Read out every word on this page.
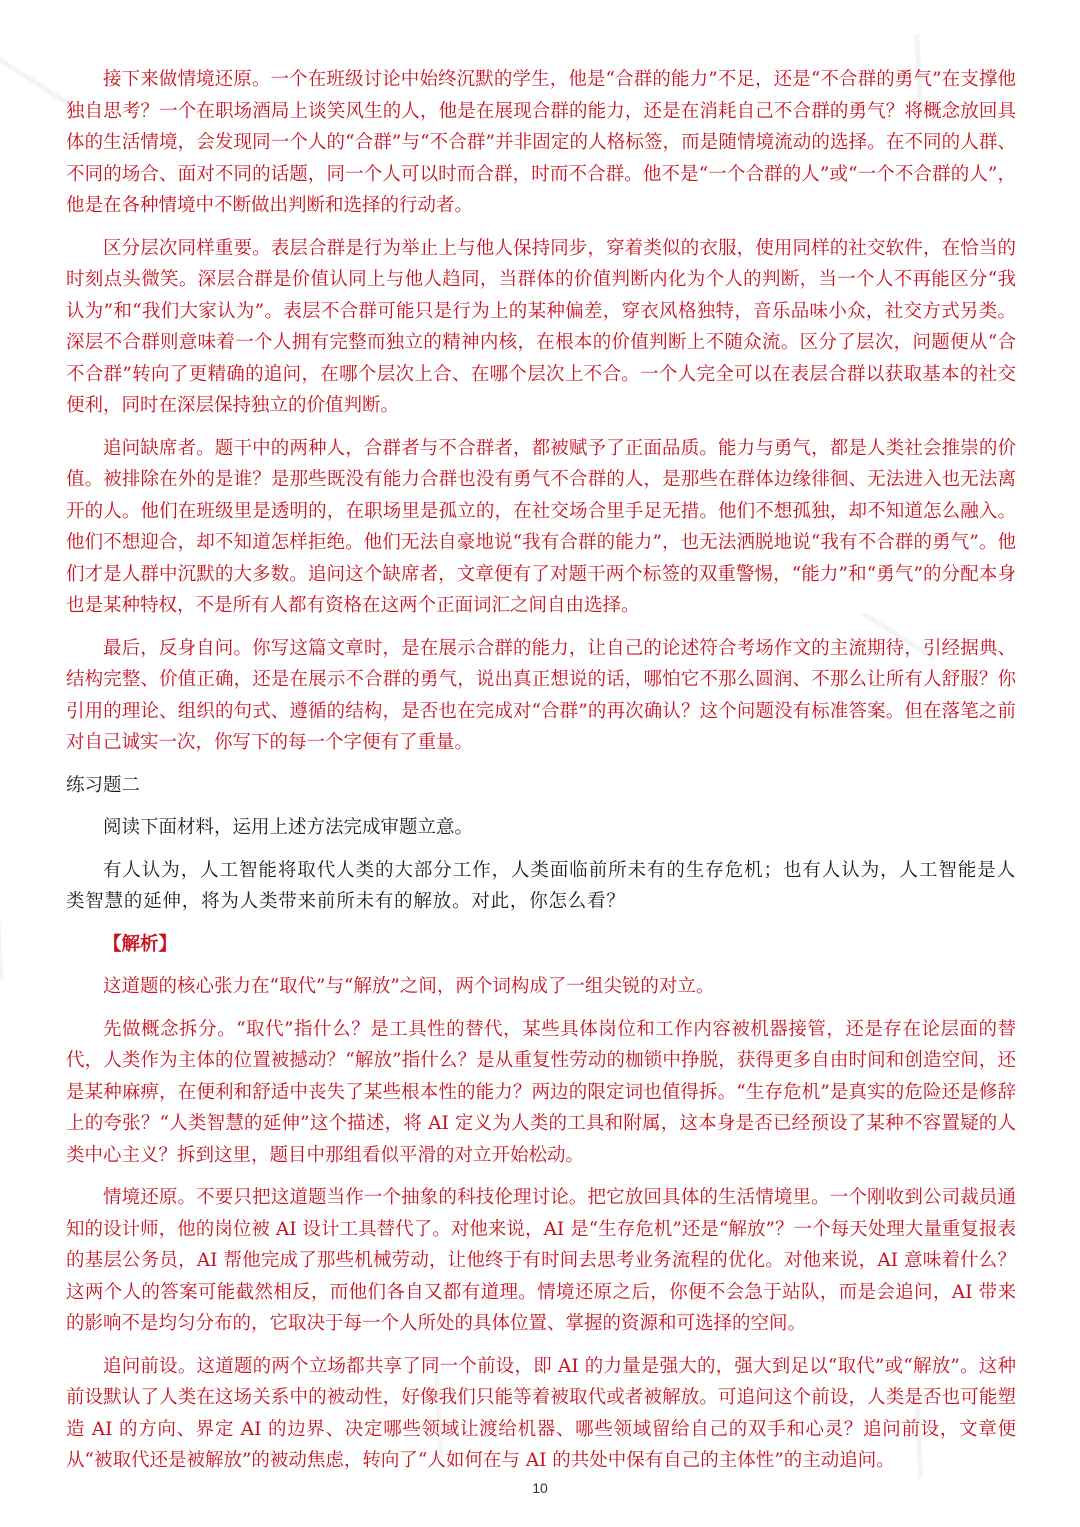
接下来做情境还原。一个在班级讨论中始终沉默的学生，他是“合群的能力”不足，还是“不合群的勇气”在支撑他独自思考？一个在职场酒局上谈笑风生的人，他是在展现合群的能力，还是在消耗自己不合群的勇气？将概念放回具体的生活情境，会发现同一个人的“合群”与“不合群”并非固定的人格标签，而是随情境流动的选择。在不同的人群、不同的场合、面对不同的话题，同一个人可以时而合群，时而不合群。他不是“一个合群的人”或“一个不合群的人”，他是在各种情境中不断做出判断和选择的行动者。

区分层次同样重要。表层合群是行为举止上与他人保持同步，穿着类似的衣服，使用同样的社交软件，在恰当的时刻点头微笑。深层合群是价值认同上与他人趋同，当群体的价值判断内化为个人的判断，当一个人不再能区分“我认为”和“我们大家认为”。表层不合群可能只是行为上的某种偏差，穿衣风格独特，音乐品味小众，社交方式另类。深层不合群则意味着一个人拥有完整而独立的精神内核，在根本的价值判断上不随众流。区分了层次，问题便从“合不合群”转向了更精确的追问，在哪个层次上合、在哪个层次上不合。一个人完全可以在表层合群以获取基本的社交便利，同时在深层保持独立的价值判断。

追问缺席者。题干中的两种人，合群者与不合群者，都被赋予了正面品质。能力与勇气，都是人类社会推崇的价值。被排除在外的是谁？是那些既没有能力合群也没有勇气不合群的人，是那些在群体边缘徘徊、无法进入也无法离开的人。他们在班级里是透明的，在职场里是孤立的，在社交场合里手足无措。他们不想孤独，却不知道怎么融入。他们不想迎合，却不知道怎样拒绝。他们无法自豪地说“我有合群的能力”，也无法洒脱地说“我有不合群的勇气”。他们才是人群中沉默的大多数。追问这个缺席者，文章便有了对题干两个标签的双重警惕，“能力”和“勇气”的分配本身也是某种特权，不是所有人都有资格在这两个正面词汇之间自由选择。

最后，反身自问。你写这篇文章时，是在展示合群的能力，让自己的论述符合考场作文的主流期待，引经据典、结构完整、价值正确，还是在展示不合群的勇气，说出真正想说的话，哪怕它不那么圆润、不那么让所有人舒服？你引用的理论、组织的句式、遵循的结构，是否也在完成对“合群”的再次确认？这个问题没有标准答案。但在落笔之前对自己诚实一次，你写下的每一个字便有了重量。

练习题二

阅读下面材料，运用上述方法完成审题立意。

有人认为，人工智能将取代人类的大部分工作，人类面临前所未有的生存危机；也有人认为，人工智能是人类智慧的延伸，将为人类带来前所未有的解放。对此，你怎么看？

【解析】

这道题的核心张力在“取代”与“解放”之间，两个词构成了一组尖锐的对立。

先做概念拆分。“取代”指什么？是工具性的替代，某些具体岗位和工作内容被机器接管，还是存在论层面的替代，人类作为主体的位置被撼动？“解放”指什么？是从重复性劳动的枷锁中挣脱，获得更多自由时间和创造空间，还是某种麻痹，在便利和舒适中丧失了某些根本性的能力？两边的限定词也值得拆。“生存危机”是真实的危险还是修辞上的夸张？“人类智慧的延伸”这个描述，将 AI 定义为人类的工具和附属，这本身是否已经预设了某种不容置疑的人类中心主义？拆到这里，题目中那组看似平滑的对立开始松动。

情境还原。不要只把这道题当作一个抽象的科技伦理讨论。把它放回具体的生活情境里。一个刚收到公司裁员通知的设计师，他的岗位被 AI 设计工具替代了。对他来说，AI 是“生存危机”还是“解放”？一个每天处理大量重复报表的基层公务员，AI 帮他完成了那些机械劳动，让他终于有时间去思考业务流程的优化。对他来说，AI 意味着什么？这两个人的答案可能截然相反，而他们各自又都有道理。情境还原之后，你便不会急于站队，而是会追问，AI 带来的影响不是均匀分布的，它取决于每一个人所处的具体位置、掌握的资源和可选择的空间。

追问前设。这道题的两个立场都共享了同一个前设，即 AI 的力量是强大的，强大到足以“取代”或“解放”。这种前设默认了人类在这场关系中的被动性，好像我们只能等着被取代或者被解放。可追问这个前设，人类是否也可能塑造 AI 的方向、界定 AI 的边界、决定哪些领域让渡给机器、哪些领域留给自己的双手和心灵？追问前设，文章便从“被取代还是被解放”的被动焦虑，转向了“人如何在与 AI 的共处中保有自己的主体性”的主动追问。

10
